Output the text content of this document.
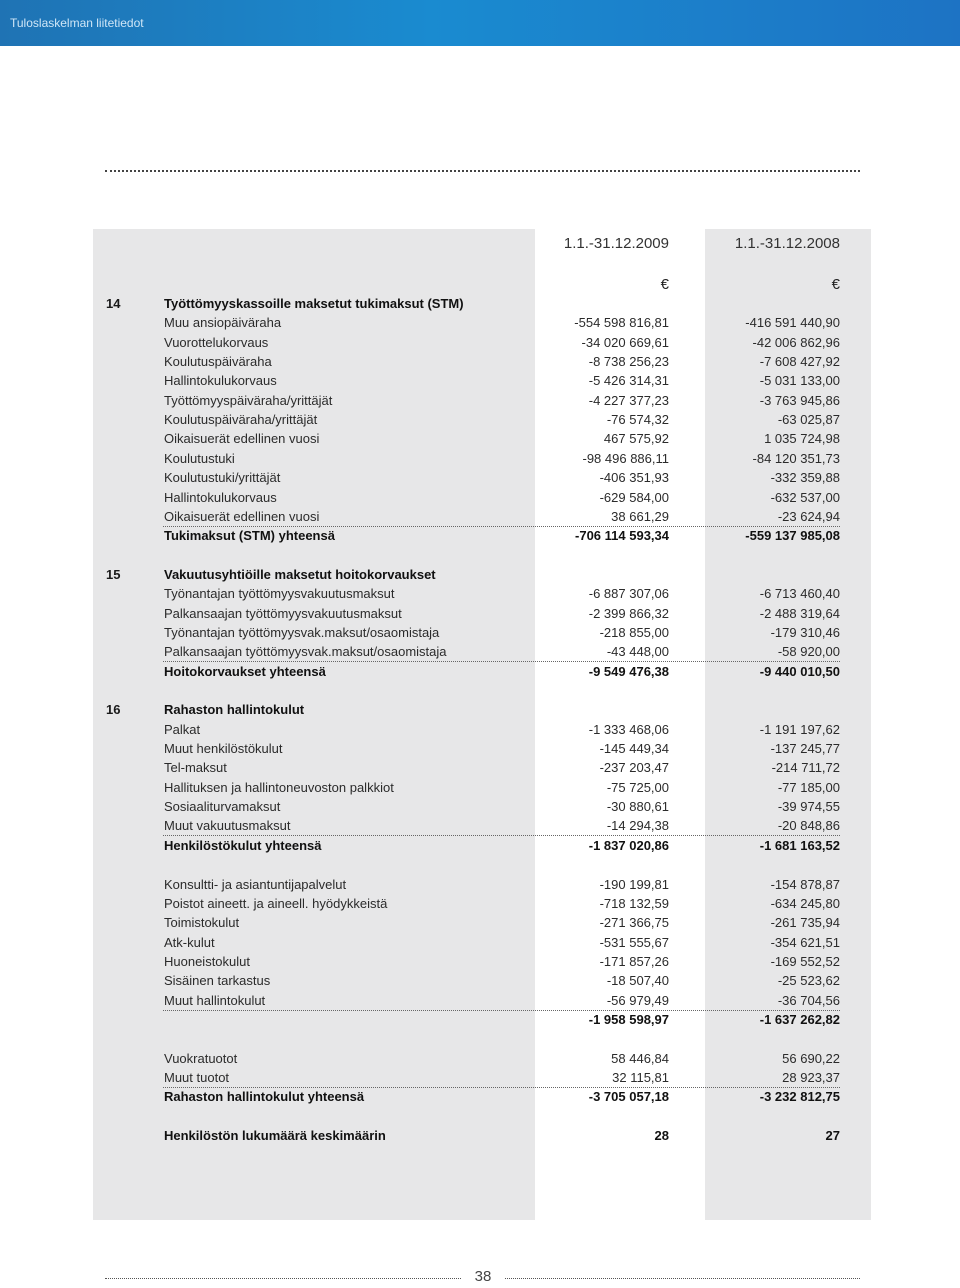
Tuloslaskelman liitetiedot
1.1.-31.12.2009	1.1.-31.12.2008
€	€
14	Työttömyyskassoille maksetut tukimaksut (STM)
Muu ansiopäiväraha	-554 598 816,81	-416 591 440,90
Vuorottelukorvaus	-34 020 669,61	-42 006 862,96
Koulutuspäiväraha	-8 738 256,23	-7 608 427,92
Hallintokulukorvaus	-5 426 314,31	-5 031 133,00
Työttömyyspäiväraha/yrittäjät	-4 227 377,23	-3 763 945,86
Koulutuspäiväraha/yrittäjät	-76 574,32	-63 025,87
Oikaisuerät edellinen vuosi	467 575,92	1 035 724,98
Koulutustuki	-98 496 886,11	-84 120 351,73
Koulutustuki/yrittäjät	-406 351,93	-332 359,88
Hallintokulukorvaus	-629 584,00	-632 537,00
Oikaisuerät edellinen vuosi	38 661,29	-23 624,94
Tukimaksut (STM) yhteensä	-706 114 593,34	-559 137 985,08
15	Vakuutusyhtiöille maksetut hoitokorvaukset
Työnantajan työttömyysvakuutusmaksut	-6 887 307,06	-6 713 460,40
Palkansaajan työttömyysvakuutusmaksut	-2 399 866,32	-2 488 319,64
Työnantajan työttömyysvak.maksut/osaomistaja	-218 855,00	-179 310,46
Palkansaajan työttömyysvak.maksut/osaomistaja	-43 448,00	-58 920,00
Hoitokorvaukset yhteensä	-9 549 476,38	-9 440 010,50
16	Rahaston hallintokulut
Palkat	-1 333 468,06	-1 191 197,62
Muut henkilöstökulut	-145 449,34	-137 245,77
Tel-maksut	-237 203,47	-214 711,72
Hallituksen ja hallintoneuvoston palkkiot	-75 725,00	-77 185,00
Sosiaaliturvamaksut	-30 880,61	-39 974,55
Muut vakuutusmaksut	-14 294,38	-20 848,86
Henkilöstökulut yhteensä	-1 837 020,86	-1 681 163,52
Konsultti- ja asiantuntijapalvelut	-190 199,81	-154 878,87
Poistot aineett. ja aineell. hyödykkeistä	-718 132,59	-634 245,80
Toimistokulut	-271 366,75	-261 735,94
Atk-kulut	-531 555,67	-354 621,51
Huoneistokulut	-171 857,26	-169 552,52
Sisäinen tarkastus	-18 507,40	-25 523,62
Muut hallintokulut	-56 979,49	-36 704,56
-1 958 598,97	-1 637 262,82
Vuokratuotot	58 446,84	56 690,22
Muut tuotot	32 115,81	28 923,37
Rahaston hallintokulut yhteensä	-3 705 057,18	-3 232 812,75
Henkilöstön lukumäärä keskimäärin	28	27
38
